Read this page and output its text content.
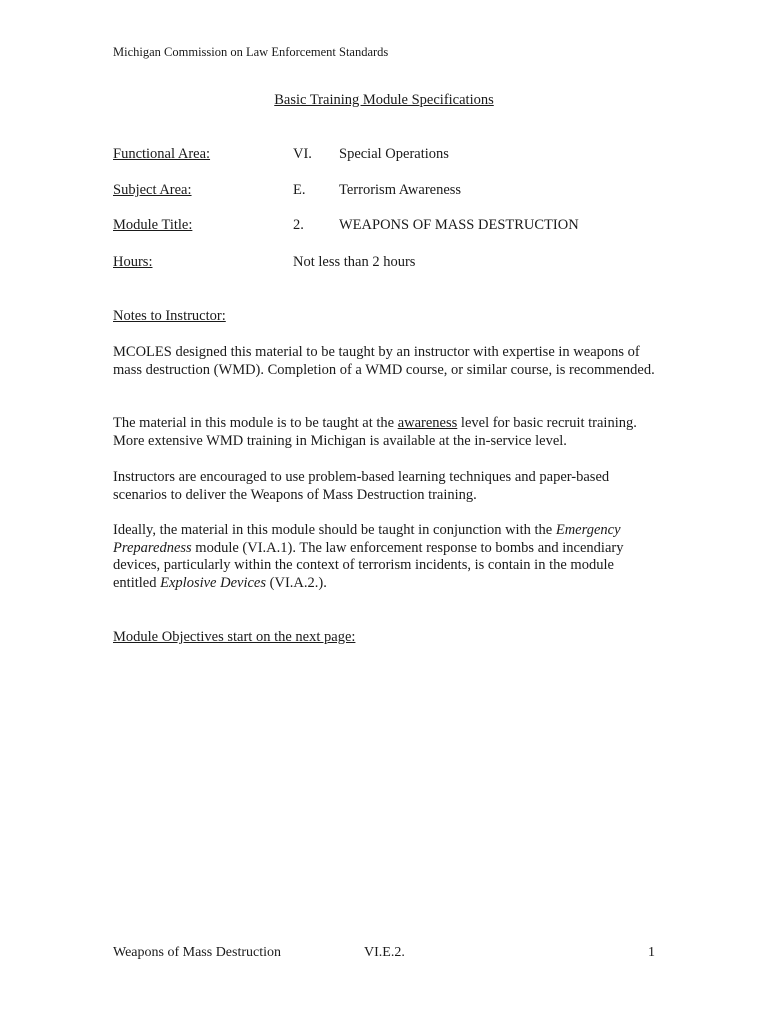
Michigan Commission on Law Enforcement Standards
Basic Training Module Specifications
Functional Area:	VI. Special Operations
Subject Area:	E. Terrorism Awareness
Module Title:	2. WEAPONS OF MASS DESTRUCTION
Hours:	Not less than 2 hours
Notes to Instructor:
MCOLES designed this material to be taught by an instructor with expertise in weapons of mass destruction (WMD). Completion of a WMD course, or similar course, is recommended.
The material in this module is to be taught at the awareness level for basic recruit training. More extensive WMD training in Michigan is available at the in-service level.
Instructors are encouraged to use problem-based learning techniques and paper-based scenarios to deliver the Weapons of Mass Destruction training.
Ideally, the material in this module should be taught in conjunction with the Emergency Preparedness module (VI.A.1). The law enforcement response to bombs and incendiary devices, particularly within the context of terrorism incidents, is contain in the module entitled Explosive Devices (VI.A.2.).
Module Objectives start on the next page:
Weapons of Mass Destruction	VI.E.2.	1
